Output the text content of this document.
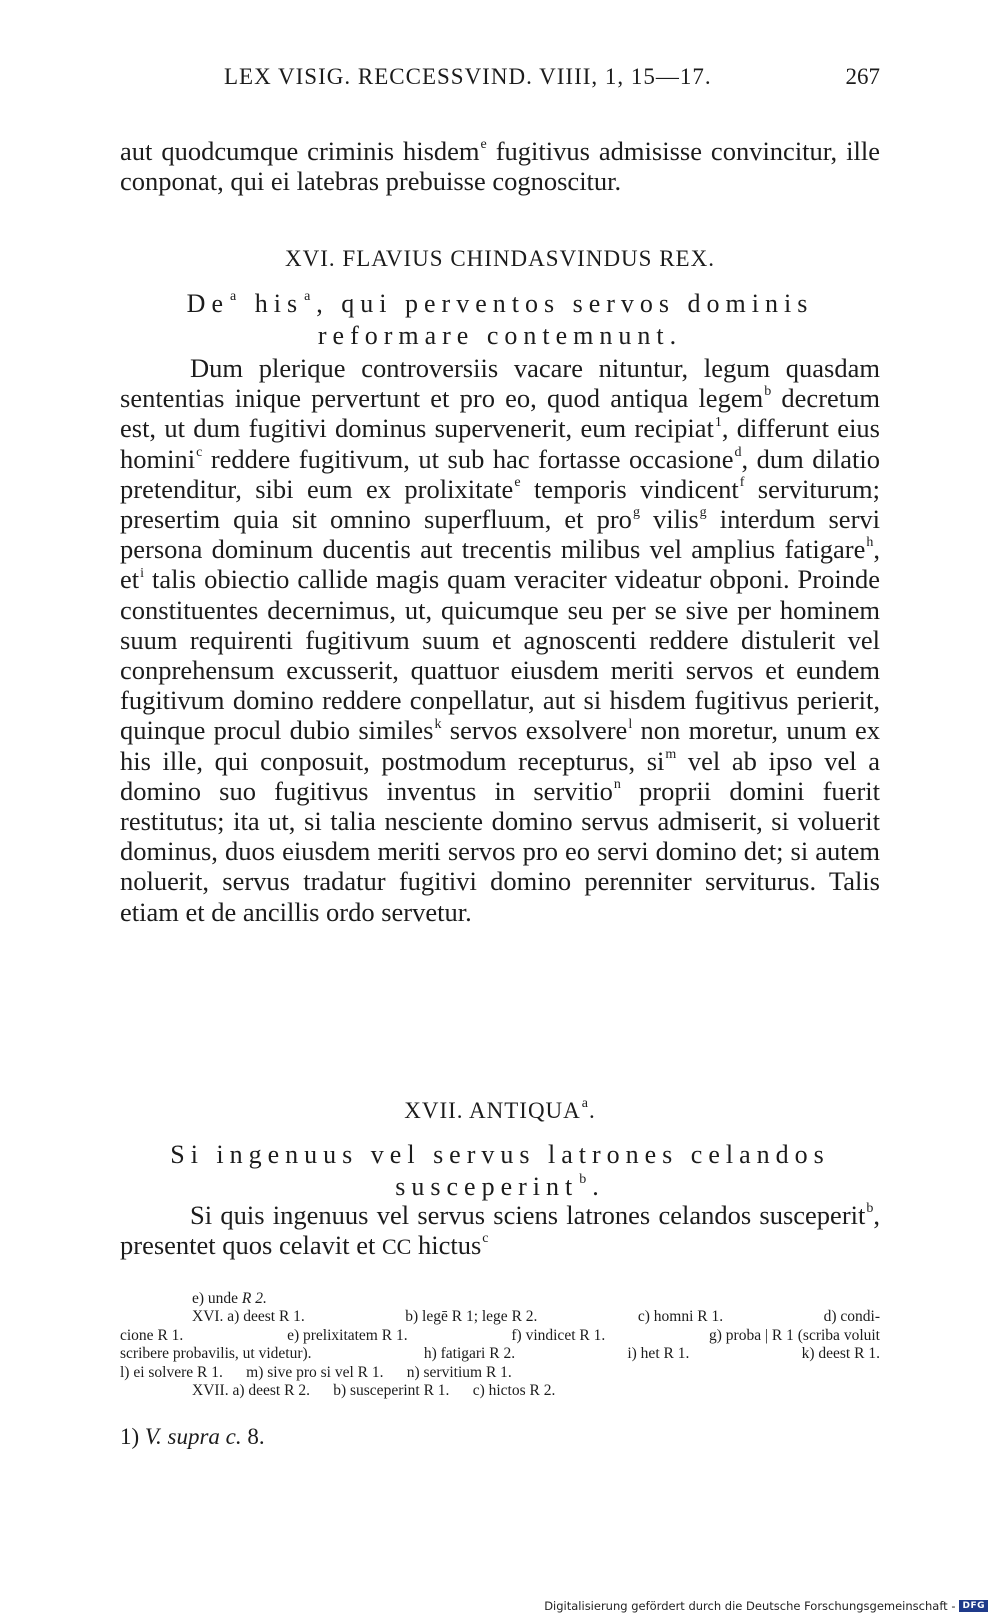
LEX VISIG. RECCESSVIND. VIIII, 1, 15—17.	267

aut quodcumque criminis hisdem$^e$ fugitivus admisisse convincitur, ille conponat, qui ei latebras prebuisse cognoscitur.

XVI. FLAVIUS CHINDASVINDUS REX.
De$^a$ his$^a$, qui perventos servos dominis reformare contemnunt.

Dum plerique controversiis vacare nituntur, legum quasdam sententias inique pervertunt et pro eo, quod antiqua legem$^b$ decretum est, ut dum fugitivi dominus supervenerit, eum recipiat$^1$, differunt eius homini$^c$ reddere fugitivum, ut sub hac fortasse occasione$^d$, dum dilatio pretenditur, sibi eum ex prolixitate$^e$ temporis vindicent$^f$ serviturum; presertim quia sit omnino superfluum, et pro$^g$ vilis$^g$ interdum servi persona dominum ducentis aut trecentis milibus vel amplius fatigare$^h$, $et^i$ talis obiectio callide magis quam veraciter videatur obponi. Proinde constituentes decernimus, ut, quicumque seu per se sive per hominem suum requirenti fugitivum suum et agnoscenti reddere distulerit vel conprehensum excusserit, quattuor eiusdem meriti servos et eundem fugitivum domino reddere conpellatur, aut si hisdem fugitivus perierit, quinque procul dubio similes$^k$ servos exsolvere$^l$ non moretur, unum ex his ille, qui conposuit, postmodum recepturus, $si^m$ vel ab ipso vel a domino suo fugitivus inventus in servitio$^n$ proprii domini fuerit restitutus; ita ut, si talia nesciente domino servus admiserit, si voluerit dominus, duos eiusdem meriti servos pro eo servi domino det; si autem noluerit, servus tradatur fugitivi domino perenniter serviturus. Talis etiam et de ancillis ordo servetur.

XVII. ANTIQUA$^a$.
Si ingenuus vel servus latrones celandos susceperint$^b$.

Si quis ingenuus vel servus sciens latrones celandos susceperit$^b$, presentet quos celavit et CC hictus$^c$

e) unde R 2.
XVI. a) deest R 1.	b) legē R 1; lege R 2.	c) homni R 1.	d) condi-
cione R 1.	e) prelixitatem R 1.	f) vindicet R 1.	g) proba | R 1 (scriba voluit
scribere probavilis, ut videtur).	h) fatigari R 2.	i) het R 1.	k) deest R 1.
l) ei solvere R 1. m) sive pro si vel R 1. n) servitium R 1.
XVII. a) deest R 2. b) susceperint R 1. c) hictos R 2.
1) V. supra c. 8.
Digitalisierung gefördert durch die Deutsche Forschungsgemeinschaft - DFG
